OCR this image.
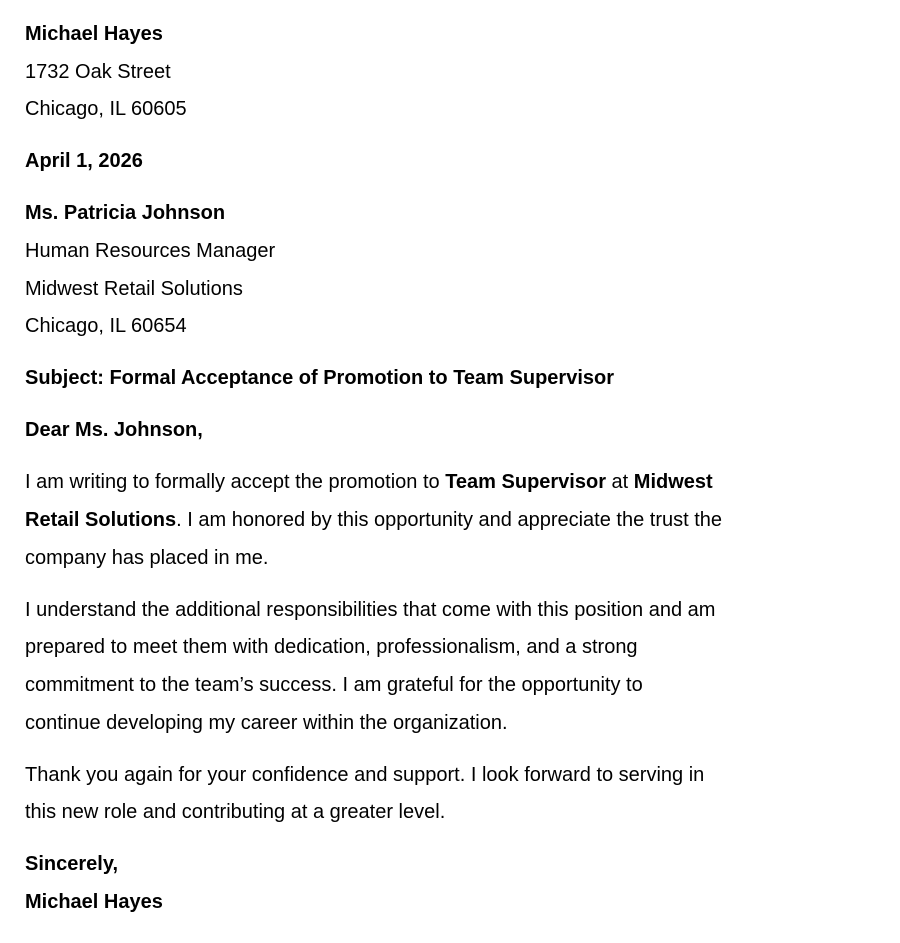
Michael Hayes
1732 Oak Street
Chicago, IL 60605
April 1, 2026
Ms. Patricia Johnson
Human Resources Manager
Midwest Retail Solutions
Chicago, IL 60654
Subject: Formal Acceptance of Promotion to Team Supervisor
Dear Ms. Johnson,
I am writing to formally accept the promotion to Team Supervisor at Midwest
Retail Solutions. I am honored by this opportunity and appreciate the trust the
company has placed in me.
I understand the additional responsibilities that come with this position and am
prepared to meet them with dedication, professionalism, and a strong
commitment to the team’s success. I am grateful for the opportunity to
continue developing my career within the organization.
Thank you again for your confidence and support. I look forward to serving in
this new role and contributing at a greater level.
Sincerely,
Michael Hayes
